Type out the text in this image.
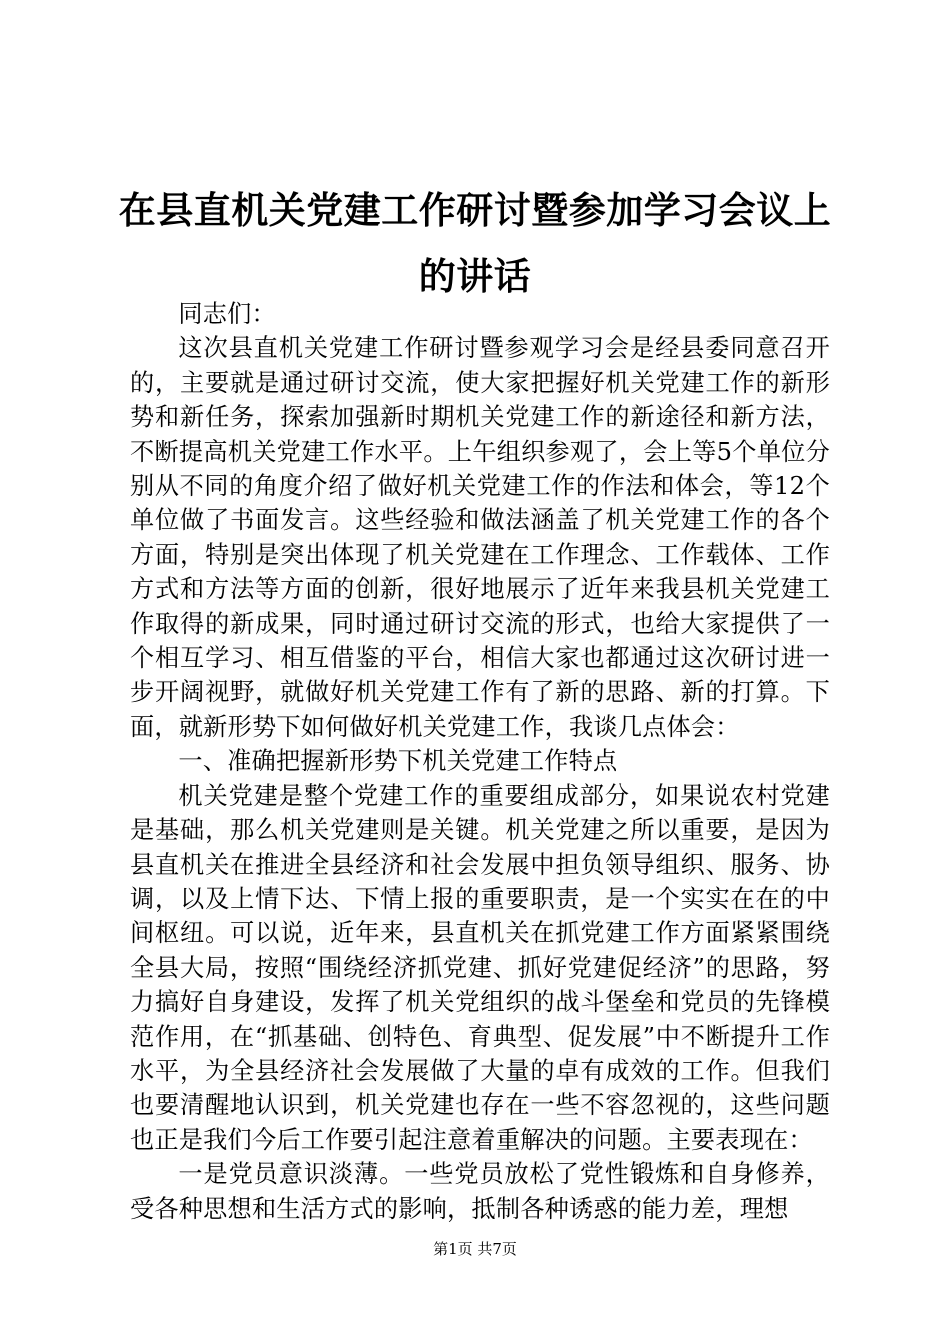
在县直机关党建工作研讨暨参加学习会议上的讲话

同志们：

这次县直机关党建工作研讨暨参观学习会是经县委同意召开的，主要就是通过研讨交流，使大家把握好机关党建工作的新形势和新任务，探索加强新时期机关党建工作的新途径和新方法，不断提高机关党建工作水平。上午组织参观了，会上等5个单位分别从不同的角度介绍了做好机关党建工作的作法和体会，等12个单位做了书面发言。这些经验和做法涵盖了机关党建工作的各个方面，特别是突出体现了机关党建在工作理念、工作载体、工作方式和方法等方面的创新，很好地展示了近年来我县机关党建工作取得的新成果，同时通过研讨交流的形式，也给大家提供了一个相互学习、相互借鉴的平台，相信大家也都通过这次研讨进一步开阔视野，就做好机关党建工作有了新的思路、新的打算。下面，就新形势下如何做好机关党建工作，我谈几点体会：

一、准确把握新形势下机关党建工作特点

机关党建是整个党建工作的重要组成部分，如果说农村党建是基础，那么机关党建则是关键。机关党建之所以重要，是因为县直机关在推进全县经济和社会发展中担负领导组织、服务、协调，以及上情下达、下情上报的重要职责，是一个实实在在的中间枢纽。可以说，近年来，县直机关在抓党建工作方面紧紧围绕全县大局，按照“围绕经济抓党建、抓好党建促经济”的思路，努力搞好自身建设，发挥了机关党组织的战斗堡垒和党员的先锋模范作用，在“抓基础、创特色、育典型、促发展”中不断提升工作水平，为全县经济社会发展做了大量的卓有成效的工作。但我们也要清醒地认识到，机关党建也存在一些不容忽视的，这些问题也正是我们今后工作要引起注意着重解决的问题。主要表现在：

一是党员意识淡薄。一些党员放松了党性锻炼和自身修养，受各种思想和生活方式的影响，抵制各种诱惑的能力差，理想

第1页 共7页
